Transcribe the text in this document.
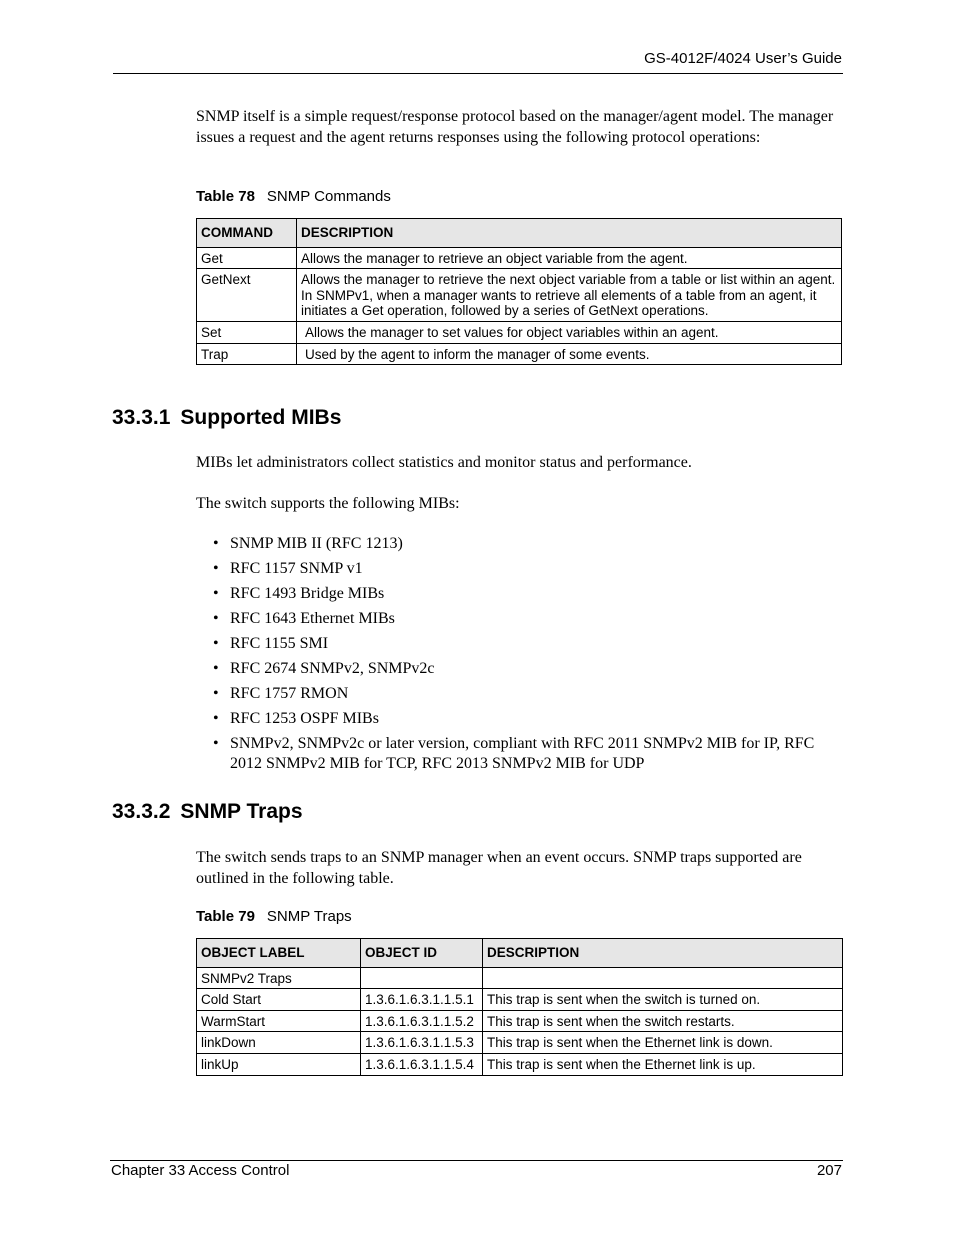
GS-4012F/4024 User’s Guide
SNMP itself is a simple request/response protocol based on the manager/agent model. The manager issues a request and the agent returns responses using the following protocol operations:
Table 78 SNMP Commands
COMMAND	DESCRIPTION
Get	Allows the manager to retrieve an object variable from the agent.
GetNext	Allows the manager to retrieve the next object variable from a table or list within an agent. In SNMPv1, when a manager wants to retrieve all elements of a table from an agent, it initiates a Get operation, followed by a series of GetNext operations.
Set	Allows the manager to set values for object variables within an agent.
Trap	Used by the agent to inform the manager of some events.
33.3.1 Supported MIBs
MIBs let administrators collect statistics and monitor status and performance.
The switch supports the following MIBs:
• SNMP MIB II (RFC 1213)
• RFC 1157 SNMP v1
• RFC 1493 Bridge MIBs
• RFC 1643 Ethernet MIBs
• RFC 1155 SMI
• RFC 2674 SNMPv2, SNMPv2c
• RFC 1757 RMON
• RFC 1253 OSPF MIBs
• SNMPv2, SNMPv2c or later version, compliant with RFC 2011 SNMPv2 MIB for IP, RFC 2012 SNMPv2 MIB for TCP, RFC 2013 SNMPv2 MIB for UDP
33.3.2 SNMP Traps
The switch sends traps to an SNMP manager when an event occurs. SNMP traps supported are outlined in the following table.
Table 79 SNMP Traps
OBJECT LABEL	OBJECT ID	DESCRIPTION
SNMPv2 Traps		
Cold Start	1.3.6.1.6.3.1.1.5.1	This trap is sent when the switch is turned on.
WarmStart	1.3.6.1.6.3.1.1.5.2	This trap is sent when the switch restarts.
linkDown	1.3.6.1.6.3.1.1.5.3	This trap is sent when the Ethernet link is down.
linkUp	1.3.6.1.6.3.1.1.5.4	This trap is sent when the Ethernet link is up.
Chapter 33 Access Control	207
